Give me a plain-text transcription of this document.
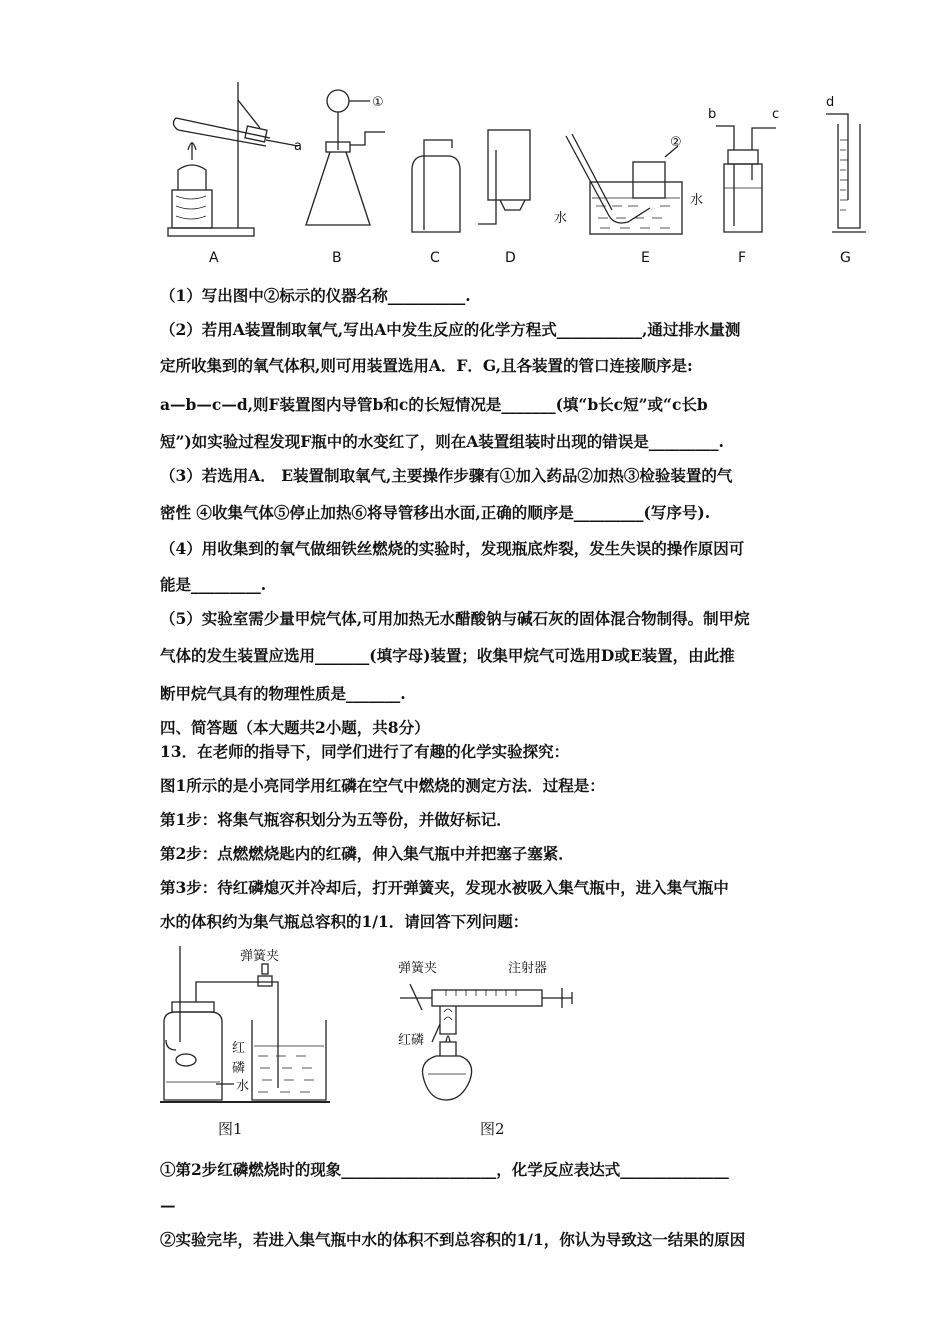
a
①
②
水
水
b	c
d
A	B	C	D	E	F	G
（1）写出图中②标示的仪器名称__________.
（2）若用A装置制取氧气,写出A中发生反应的化学方程式___________,通过排水量测
定所收集到的氧气体积,则可用装置选用A．F．G,且各装置的管口连接顺序是:
a—b—c—d,则F装置图内导管b和c的长短情况是_______(填“b长c短”或“c长b
短”)如实验过程发现F瓶中的水变红了，则在A装置组装时出现的错误是_________.
（3）若选用A． E装置制取氧气,主要操作步骤有①加入药品②加热③检验装置的气
密性 ④收集气体⑤停止加热⑥将导管移出水面,正确的顺序是_________(写序号).
（4）用收集到的氧气做细铁丝燃烧的实验时，发现瓶底炸裂，发生失误的操作原因可
能是_________.
（5）实验室需少量甲烷气体,可用加热无水醋酸钠与碱石灰的固体混合物制得。制甲烷
气体的发生装置应选用_______(填字母)装置；收集甲烷气可选用D或E装置，由此推
断甲烷气具有的物理性质是_______.
四、简答题（本大题共2小题，共8分）
13．在老师的指导下，同学们进行了有趣的化学实验探究：
图1所示的是小亮同学用红磷在空气中燃烧的测定方法．过程是：
第1步：将集气瓶容积划分为五等份，并做好标记．
第2步：点燃燃烧匙内的红磷，伸入集气瓶中并把塞子塞紧．
第3步：待红磷熄灭并冷却后，打开弹簧夹，发现水被吸入集气瓶中，进入集气瓶中
水的体积约为集气瓶总容积的1/1．请回答下列问题：
弹簧夹
红
磷
水
弹簧夹	注射器
红磷
图1	图2
①第2步红磷燃烧时的现象____________________，化学反应表达式______________
—
②实验完毕，若进入集气瓶中水的体积不到总容积的1/1，你认为导致这一结果的原因
